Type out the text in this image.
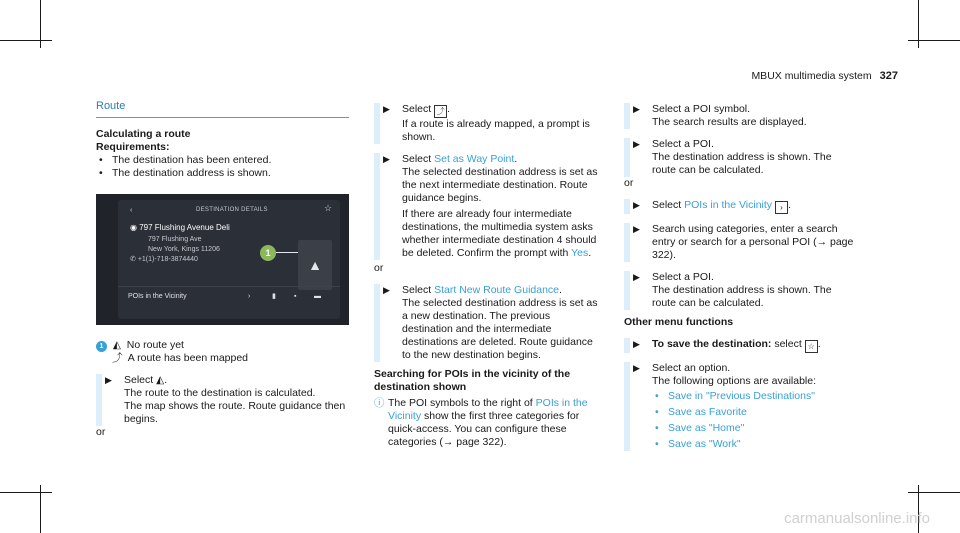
MBUX multimedia system 327
Route
Calculating a route
Requirements:
• The destination has been entered.
• The destination address is shown.
‹	DESTINATION DETAILS	☆
◉ 797 Flushing Avenue Deli
797 Flushing Ave
New York, Kings 11206
✆ +1(1)-718-3874440
1
▲
POIs in the Vicinity	›	▮	▪	▬
1 ◭ No route yet
⤴ A route has been mapped
▶ Select ◭.
The route to the destination is calculated.
The map shows the route. Route guidance then begins.
or
▶ Select ⤴ .
If a route is already mapped, a prompt is shown.
▶ Select Set as Way Point.
The selected destination address is set as the next intermediate destination. Route guidance begins.
If there are already four intermediate destinations, the multimedia system asks whether intermediate destination 4 should be deleted. Confirm the prompt with Yes.
or
▶ Select Start New Route Guidance.
The selected destination address is set as a new destination. The previous destination and the intermediate destinations are deleted. Route guidance to the new destination begins.
Searching for POIs in the vicinity of the destination shown
ⓘ The POI symbols to the right of POIs in the Vicinity show the first three categories for quick-access. You can configure these categories (→ page 322).
▶ Select a POI symbol.
The search results are displayed.
▶ Select a POI.
The destination address is shown. The route can be calculated.
or
▶ Select POIs in the Vicinity › .
▶ Search using categories, enter a search entry or search for a personal POI (→ page 322).
▶ Select a POI.
The destination address is shown. The route can be calculated.
Other menu functions
▶ To save the destination: select ☆ .
▶ Select an option.
The following options are available:
• Save in "Previous Destinations"
• Save as Favorite
• Save as "Home"
• Save as "Work"
carmanualsonline.info
